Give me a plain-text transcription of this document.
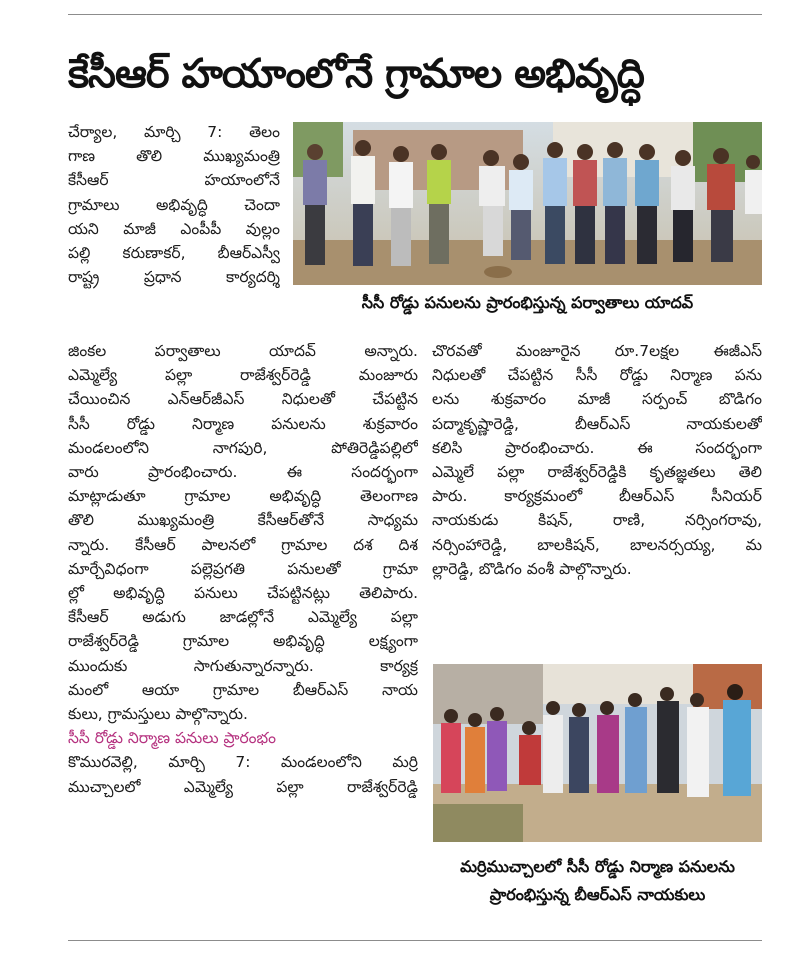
కేసీఆర్ హయాంలోనే గ్రామాల అభివృద్ధి

చేర్యాల, మార్చి 7: తెలం

గాణ తొలి ముఖ్యమంత్రి

కేసీఆర్ హయాంలోనే

గ్రామాలు అభివృద్ధి చెందా

యని మాజీ ఎంపీపీ వుల్లం

పల్లి కరుణాకర్, బీఆర్ఎస్వీ

రాష్ట్ర ప్రధాన కార్యదర్శి

జింకల పర్వాతాలు యాదవ్ అన్నారు.

ఎమ్మెల్యే పల్లా రాజేశ్వర్‌రెడ్డి మంజూరు

చేయించిన ఎన్ఆర్‌జీఎస్ నిధులతో చేపట్టిన

సీసీ రోడ్డు నిర్మాణ పనులను శుక్రవారం

మండలంలోని నాగపురి, పోతిరెడ్డిపల్లిలో

వారు ప్రారంభించారు. ఈ సందర్భంగా

మాట్లాడుతూ గ్రామాల అభివృద్ధి తెలంగాణ

తొలి ముఖ్యమంత్రి కేసీఆర్‌తోనే సాధ్యమ

న్నారు. కేసీఆర్ పాలనలో గ్రామాల దశ దిశ

మార్చేవిధంగా పల్లెప్రగతి పనులతో గ్రామా

ల్లో అభివృద్ధి పనులు చేపట్టినట్లు తెలిపారు.

కేసీఆర్ అడుగు జాడల్లోనే ఎమ్మెల్యే పల్లా

రాజేశ్వర్‌రెడ్డి గ్రామాల అభివృద్ధి లక్ష్యంగా

ముందుకు సాగుతున్నారన్నారు. కార్యక్ర

మంలో ఆయా గ్రామాల బీఆర్ఎస్ నాయ

కులు, గ్రామస్తులు పాల్గొన్నారు.

సీసీ రోడ్డు నిర్మాణ పనులు ప్రారంభం

కొమురవెల్లి, మార్చి 7: మండలంలోని మర్రి

ముచ్చాలలో ఎమ్మెల్యే పల్లా రాజేశ్వర్‌రెడ్డి

చొరవతో మంజూరైన రూ.7లక్షల ఈజీఎస్

నిధులతో చేపట్టిన సీసీ రోడ్డు నిర్మాణ పను

లను శుక్రవారం మాజీ సర్పంచ్ బొడిగం

పద్మాకృష్ణారెడ్డి, బీఆర్ఎస్ నాయకులతో

కలిసి ప్రారంభించారు. ఈ సందర్భంగా

ఎమ్మెలే పల్లా రాజేశ్వర్‌రెడ్డికి కృతజ్ఞతలు తెలి

పారు. కార్యక్రమంలో బీఆర్ఎస్ సీనియర్

నాయకుడు కిషన్, రాణి, నర్సింగరావు,

నర్సింహారెడ్డి, బాలకిషన్, బాలనర్సయ్య, మ

ల్లారెడ్డి, బొడిగం వంశీ పాల్గొన్నారు.

సీసీ రోడ్డు పనులను ప్రారంభిస్తున్న పర్వాతాలు యాదవ్
మర్రిముచ్చాలలో సీసీ రోడ్డు నిర్మాణ పనులను
ప్రారంభిస్తున్న బీఆర్ఎస్ నాయకులు
